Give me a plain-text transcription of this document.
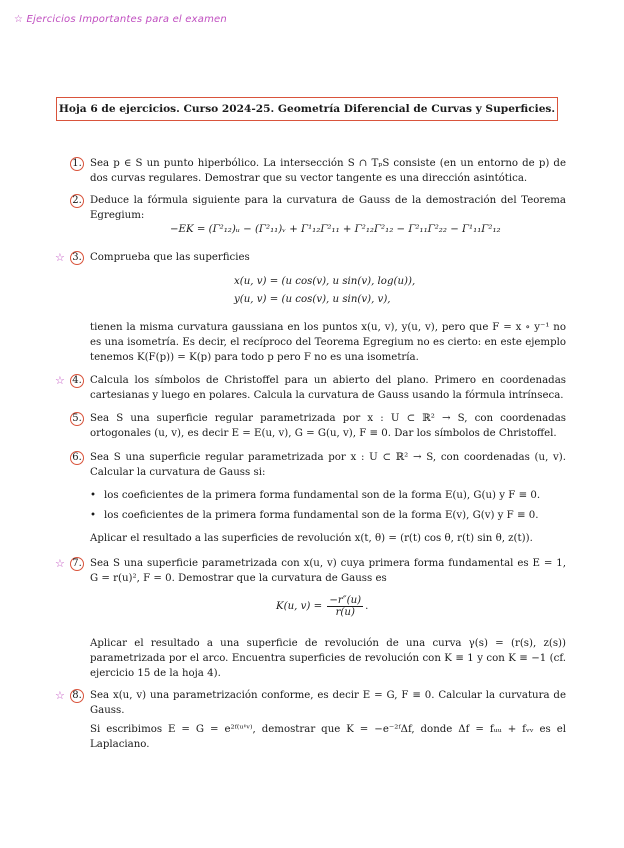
☆ Ejercicios Importantes para el examen
Hoja 6 de ejercicios. Curso 2024-25. Geometría Diferencial de Curvas y Superficies.
1. Sea p ∈ S un punto hiperbólico. La intersección S ∩ TₚS consiste (en un entorno de p) de dos curvas regulares. Demostrar que su vector tangente es una dirección asintótica.
2. Deduce la fórmula siguiente para la curvatura de Gauss de la demostración del Teorema Egregium:
−EK = (Γ²₁₂)ᵤ − (Γ²₁₁)ᵥ + Γ¹₁₂Γ²₁₁ + Γ²₁₂Γ²₁₂ − Γ²₁₁Γ²₂₂ − Γ¹₁₁Γ²₁₂
☆ 3. Comprueba que las superficies
x(u, v) = (u cos(v), u sin(v), log(u)),
y(u, v) = (u cos(v), u sin(v), v),
tienen la misma curvatura gaussiana en los puntos x(u, v), y(u, v), pero que F = x ∘ y⁻¹ no es una isometría. Es decir, el recíproco del Teorema Egregium no es cierto: en este ejemplo tenemos K(F(p)) = K(p) para todo p pero F no es una isometría.
☆ 4. Calcula los símbolos de Christoffel para un abierto del plano. Primero en coordenadas cartesianas y luego en polares. Calcula la curvatura de Gauss usando la fórmula intrínseca.
5. Sea S una superficie regular parametrizada por x : U ⊂ ℝ² → S, con coordenadas ortogonales (u, v), es decir E = E(u, v), G = G(u, v), F ≡ 0. Dar los símbolos de Christoffel.
6. Sea S una superficie regular parametrizada por x : U ⊂ ℝ² → S, con coordenadas (u, v). Calcular la curvatura de Gauss si:
• los coeficientes de la primera forma fundamental son de la forma E(u), G(u) y F ≡ 0.
• los coeficientes de la primera forma fundamental son de la forma E(v), G(v) y F ≡ 0.
Aplicar el resultado a las superficies de revolución x(t, θ) = (r(t) cos θ, r(t) sin θ, z(t)).
☆ 7. Sea S una superficie parametrizada con x(u, v) cuya primera forma fundamental es E = 1, G = r(u)², F = 0. Demostrar que la curvatura de Gauss es
K(u, $v) = \frac{-r''(u)}{r(u)}$ .
Aplicar el resultado a una superficie de revolución de una curva γ(s) = (r(s), z(s)) parametrizada por el arco. Encuentra superficies de revolución con K ≡ 1 y con K ≡ −1 (cf. ejercicio 15 de la hoja 4).
☆ 8. Sea x(u, v) una parametrización conforme, es decir E = G, F ≡ 0. Calcular la curvatura de Gauss.
Si escribimos E = G = e²ᶠ⁽ᵘ'ᵛ⁾, demostrar que K = −e⁻²ᶠΔf, donde Δf = fᵤᵤ + fᵥᵥ es el Laplaciano.
